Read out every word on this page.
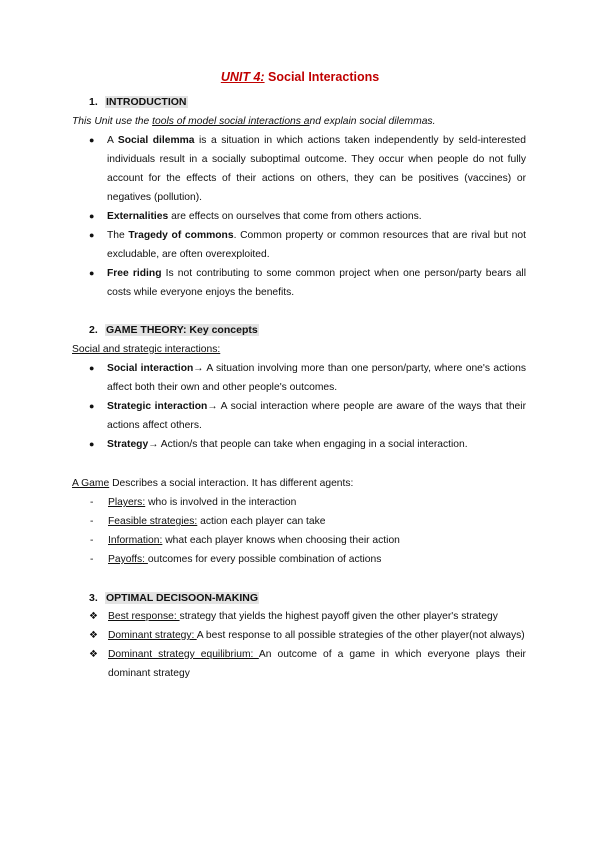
UNIT 4: Social Interactions
1. INTRODUCTION
This Unit use the tools of model social interactions and explain social dilemmas.
● A Social dilemma is a situation in which actions taken independently by seld-interested individuals result in a socially suboptimal outcome. They occur when people do not fully account for the effects of their actions on others, they can be positives (vaccines) or negatives (pollution).
● Externalities are effects on ourselves that come from others actions.
● The Tragedy of commons. Common property or common resources that are rival but not excludable, are often overexploited.
● Free riding Is not contributing to some common project when one person/party bears all costs while everyone enjoys the benefits.
2. GAME THEORY: Key concepts
Social and strategic interactions:
● Social interaction→ A situation involving more than one person/party, where one's actions affect both their own and other people's outcomes.
● Strategic interaction→ A social interaction where people are aware of the ways that their actions affect others.
● Strategy→ Action/s that people can take when engaging in a social interaction.
A Game Describes a social interaction. It has different agents:
- Players: who is involved in the interaction
- Feasible strategies: action each player can take
- Information: what each player knows when choosing their action
- Payoffs: outcomes for every possible combination of actions
3. OPTIMAL DECISOON-MAKING
❖ Best response: strategy that yields the highest payoff given the other player's strategy
❖ Dominant strategy: A best response to all possible strategies of the other player(not always)
❖ Dominant strategy equilibrium: An outcome of a game in which everyone plays their dominant strategy
